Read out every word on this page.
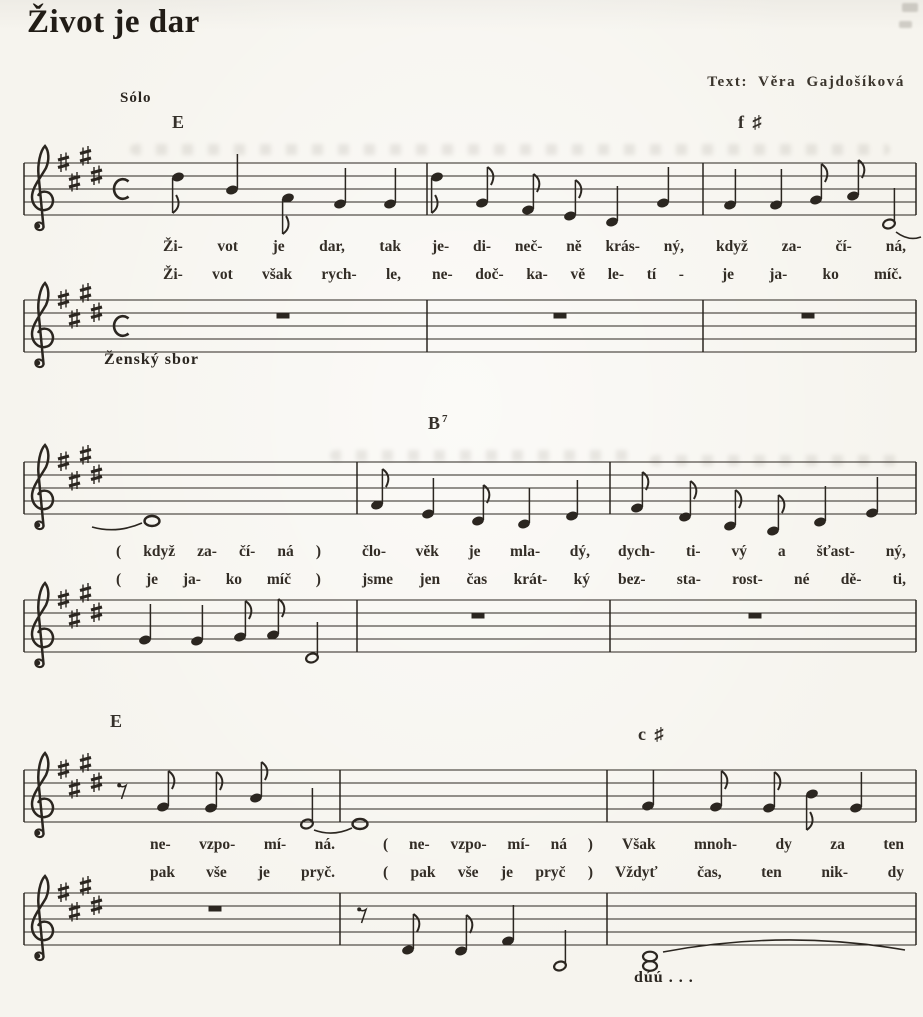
Život je dar
Text: Věra Gajdošíková
Sólo
E	f ♯
$B^7$
E
c ♯
Ženský sbor
dúú . . .
Ži- vot je dar, tak je- di- neč- ně krás- ný, když za- čí- ná,
Ži- vot však rych- le, ne- doč- ka- vě le- tí - je ja- ko míč.
( když za- čí- ná )	člo- věk je mla- dý, dych- ti- vý a šťast- ný,
( je ja- ko míč )	jsme jen čas krát- ký bez- sta- rost- né dě- ti,
ne- vzpo- mí- ná.	( ne- vzpo- mí- ná ) Však mnoh- dy za ten
pak vše je pryč.	( pak vše je pryč ) Vždyť	čas,	ten	nik-	dy
